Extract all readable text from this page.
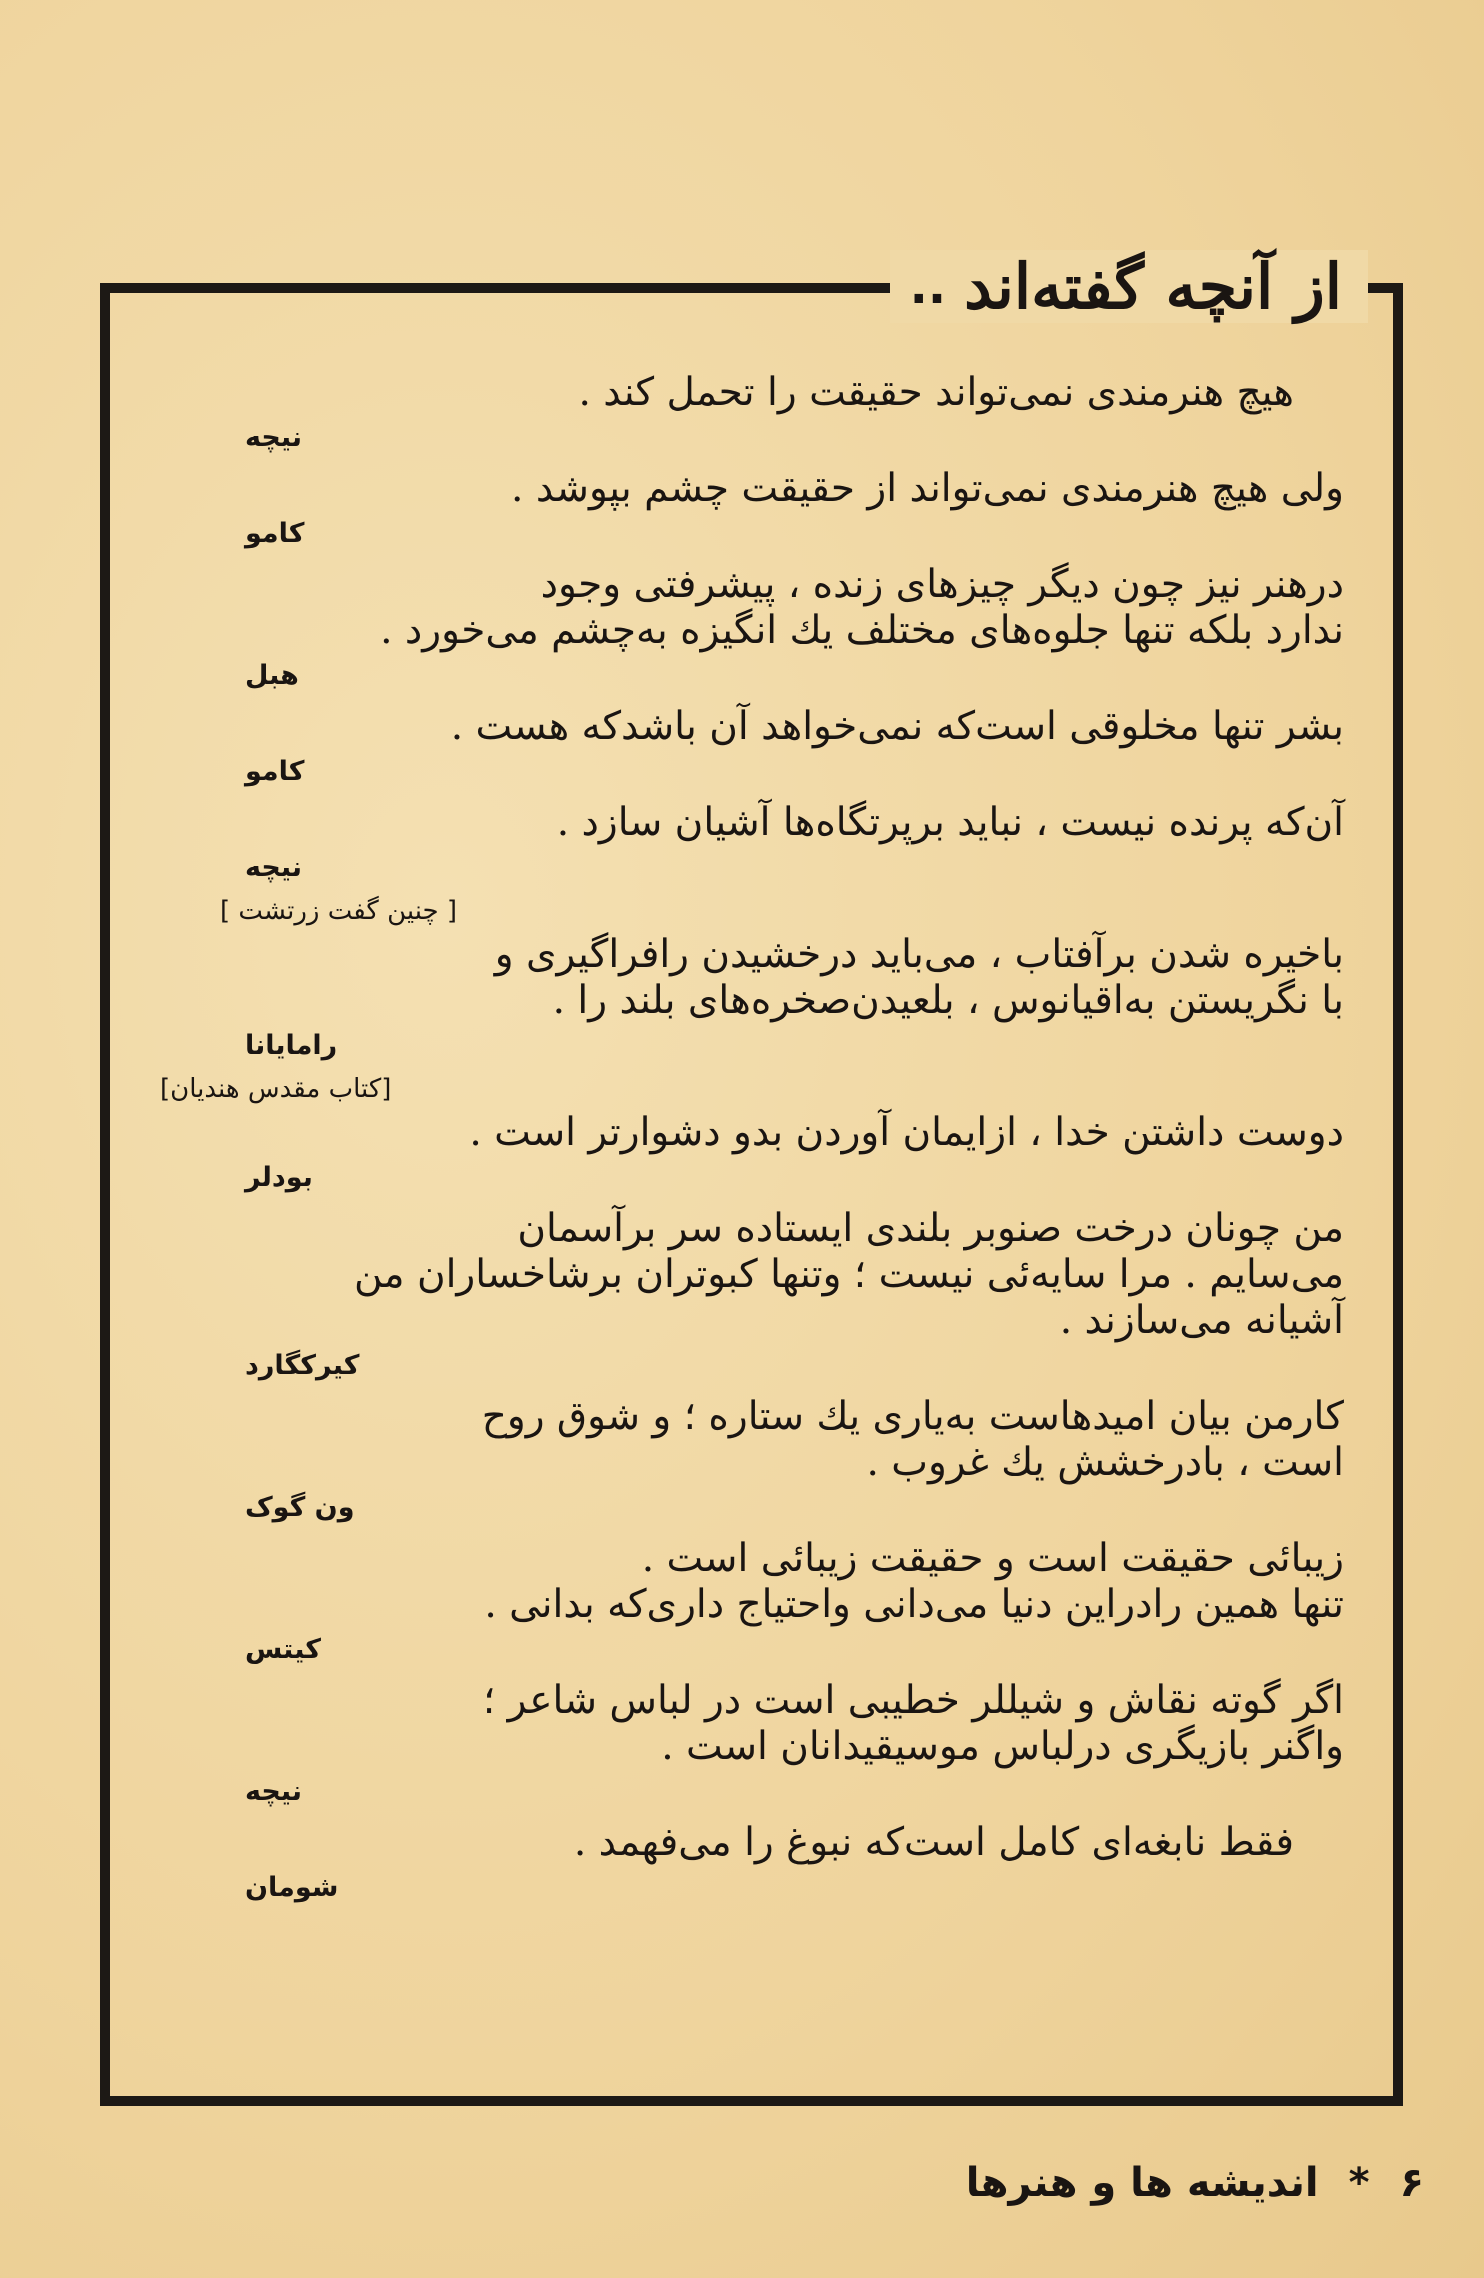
از آنچه گفته‌اند
..

هیچ هنرمندی نمی‌تواند حقیقت را تحمل کند .

نیچه

ولی هیچ هنرمندی نمی‌تواند از حقیقت چشم بپوشد .

کامو

درهنر نیز چون دیگر چیزهای زنده ، پیشرفتی وجود

ندارد بلکه تنها جلوه‌های مختلف یك انگیزه به‌چشم می‌خورد .

هبل

بشر تنها مخلوقی است‌که نمی‌خواهد آن باشدکه هست .

کامو

آن‌که پرنده نیست ، نباید برپرتگاه‌ها آشیان سازد .

نیچه
[ چنین گفت زرتشت ]

باخیره شدن برآفتاب ، می‌باید درخشیدن رافراگیری و

با نگریستن به‌اقیانوس ، بلعیدن‌صخره‌های بلند را .

رامایانا
[کتاب مقدس هندیان]

دوست داشتن خدا ، ازایمان آوردن بدو دشوارتر است .

بودلر

من چونان درخت صنوبر بلندی ایستاده سر برآسمان

می‌سایم . مرا سایه‌ئی نیست ؛ وتنها کبوتران برشاخساران من

آشیانه می‌سازند .

کیرکگارد

کارمن بیان امیدهاست به‌یاری یك ستاره ؛ و شوق روح

است ، بادرخشش یك غروب .

ون گوک

زیبائی حقیقت است و حقیقت زیبائی است .

تنها همین رادراین دنیا می‌دانی واحتیاج داری‌که بدانی .

کیتس

اگر گوته نقاش و شیللر خطیبی است در لباس شاعر ؛

واگنر بازیگری درلباس موسیقیدانان است .

نیچه

فقط نابغه‌ای کامل است‌که نبوغ را می‌فهمد .

شومان
۶
*
اندیشه ها و هنرها
